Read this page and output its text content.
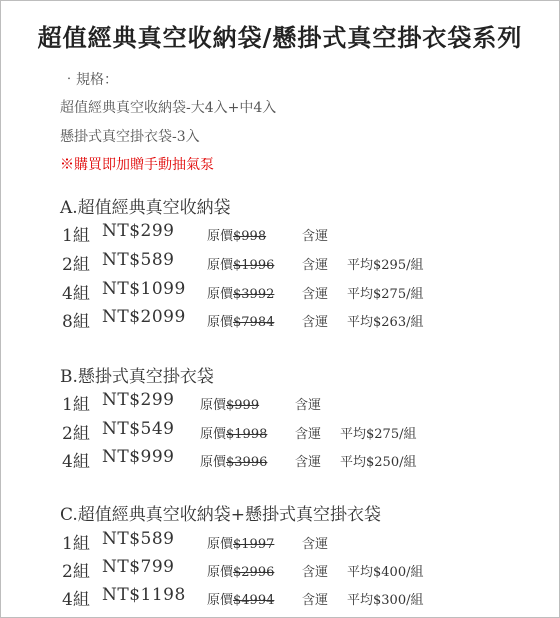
超值經典真空收納袋/懸掛式真空掛衣袋系列
‧規格：
超值經典真空收納袋-大4入+中4入
懸掛式真空掛衣袋-3入
※購買即加贈手動抽氣泵
A.超值經典真空收納袋
1組 NT$299	原價$998	含運
2組 NT$589	原價$1996 含運 平均$295/組
4組 NT$1099 原價$3992 含運 平均$275/組
8組 NT$2099 原價$7984 含運 平均$263/組
B.懸掛式真空掛衣袋
1組 NT$299 原價$999	含運
2組 NT$549 原價$1998 含運 平均$275/組
4組 NT$999 原價$3996 含運 平均$250/組
C.超值經典真空收納袋+懸掛式真空掛衣袋
1組 NT$589	原價$1997 含運
2組 NT$799	原價$2996 含運 平均$400/組
4組 NT$1198 原價$4994 含運 平均$300/組
